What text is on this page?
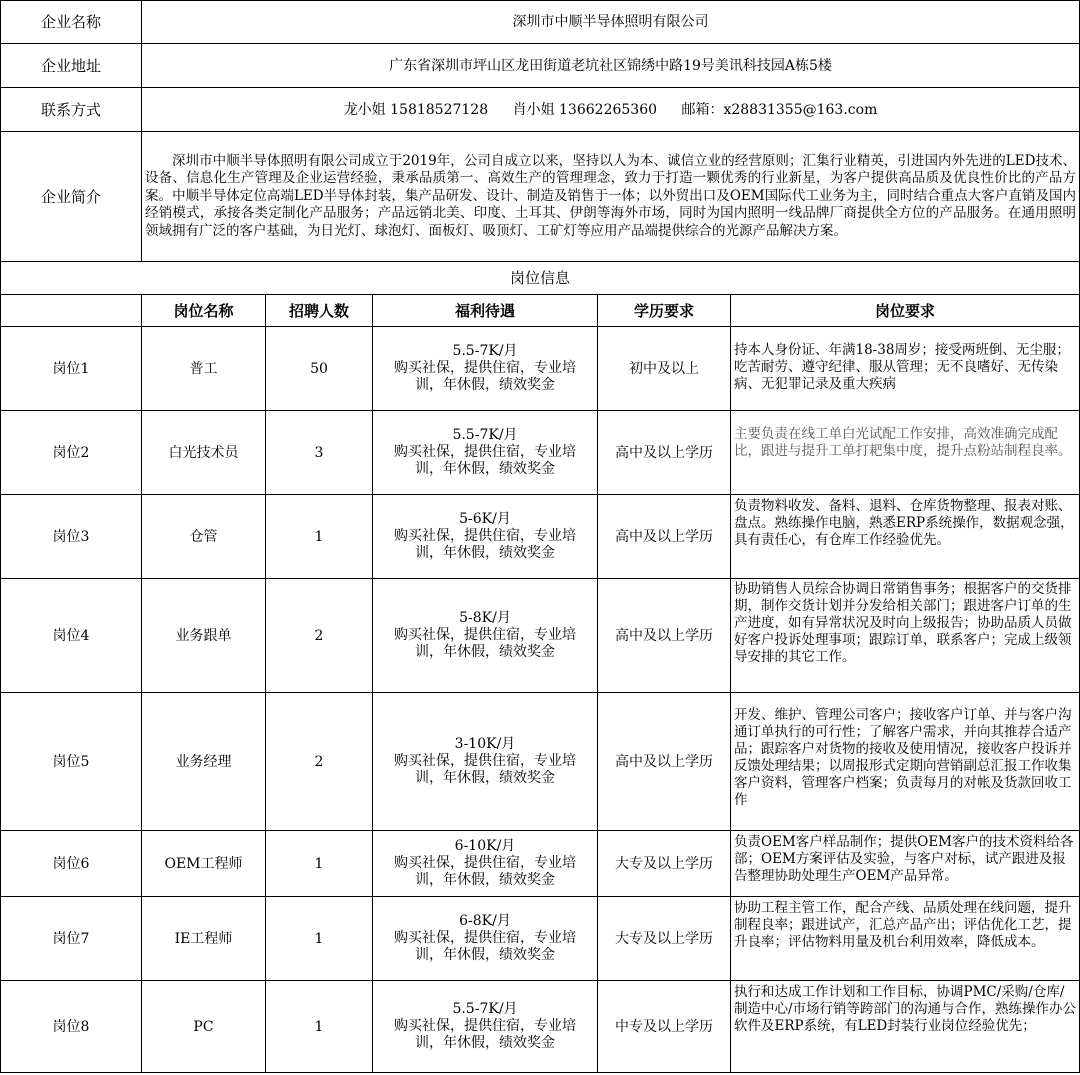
企业名称	深圳市中顺半导体照明有限公司				
企业地址	广东省深圳市坪山区龙田街道老坑社区锦绣中路19号美讯科技园A栋5楼				
联系方式	龙小姐 15818527128 肖小姐 13662265360 邮箱：x28831355@163.com				
企业简介	深圳市中顺半导体照明有限公司成立于2019年，公司自成立以来，坚持以人为本、诚信立业的经营原则；汇集行业精英，引进国内外先进的LED技术、设备、信息化生产管理及企业运营经验，秉承品质第一、高效生产的管理理念，致力于打造一颗优秀的行业新星，为客户提供高品质及优良性价比的产品方案。中顺半导体定位高端LED半导体封装，集产品研发、设计、制造及销售于一体；以外贸出口及OEM国际代工业务为主，同时结合重点大客户直销及国内经销模式，承接各类定制化产品服务；产品远销北美、印度、土耳其、伊朗等海外市场，同时为国内照明一线品牌厂商提供全方位的产品服务。在通用照明领域拥有广泛的客户基础，为日光灯、球泡灯、面板灯、吸顶灯、工矿灯等应用产品端提供综合的光源产品解决方案。				
岗位信息					
	岗位名称	招聘人数	福利待遇	学历要求	岗位要求
岗位1	普工	50	5.5-7K/月
购买社保，提供住宿，专业培训，年休假，绩效奖金	初中及以上	持本人身份证、年满18-38周岁；接受两班倒、无尘服；吃苦耐劳、遵守纪律、服从管理；无不良嗜好、无传染病、无犯罪记录及重大疾病
岗位2	白光技术员	3	5.5-7K/月
购买社保，提供住宿，专业培训，年休假，绩效奖金	高中及以上学历	主要负责在线工单白光试配工作安排，高效准确完成配比，跟进与提升工单打耙集中度，提升点粉站制程良率。
岗位3	仓管	1	5-6K/月
购买社保，提供住宿，专业培训，年休假，绩效奖金	高中及以上学历	负责物料收发、备料、退料、仓库货物整理、报表对账、盘点。熟练操作电脑，熟悉ERP系统操作，数据观念强，具有责任心，有仓库工作经验优先。
岗位4	业务跟单	2	5-8K/月
购买社保，提供住宿，专业培训，年休假，绩效奖金	高中及以上学历	协助销售人员综合协调日常销售事务；根据客户的交货排期，制作交货计划并分发给相关部门；跟进客户订单的生产进度，如有异常状况及时向上级报告；协助品质人员做好客户投诉处理事项；跟踪订单，联系客户；完成上级领导安排的其它工作。
岗位5	业务经理	2	3-10K/月
购买社保，提供住宿，专业培训，年休假，绩效奖金	高中及以上学历	开发、维护、管理公司客户；接收客户订单、并与客户沟通订单执行的可行性；了解客户需求，并向其推荐合适产品；跟踪客户对货物的接收及使用情况，接收客户投诉并反馈处理结果；以周报形式定期向营销副总汇报工作收集客户资料，管理客户档案；负责每月的对帐及货款回收工作
岗位6	OEM工程师	1	6-10K/月
购买社保，提供住宿，专业培训，年休假，绩效奖金	大专及以上学历	负责OEM客户样品制作；提供OEM客户的技术资料给各部；OEM方案评估及实验，与客户对标，试产跟进及报告整理协助处理生产OEM产品异常。
岗位7	IE工程师	1	6-8K/月
购买社保，提供住宿，专业培训，年休假，绩效奖金	大专及以上学历	协助工程主管工作，配合产线、品质处理在线问题，提升制程良率；跟进试产，汇总产品产出；评估优化工艺，提升良率；评估物料用量及机台利用效率，降低成本。
岗位8	PC	1	5.5-7K/月
购买社保，提供住宿，专业培训，年休假，绩效奖金	中专及以上学历	执行和达成工作计划和工作目标，协调PMC/采购/仓库/制造中心/市场行销等跨部门的沟通与合作，熟练操作办公软件及ERP系统，有LED封装行业岗位经验优先；
